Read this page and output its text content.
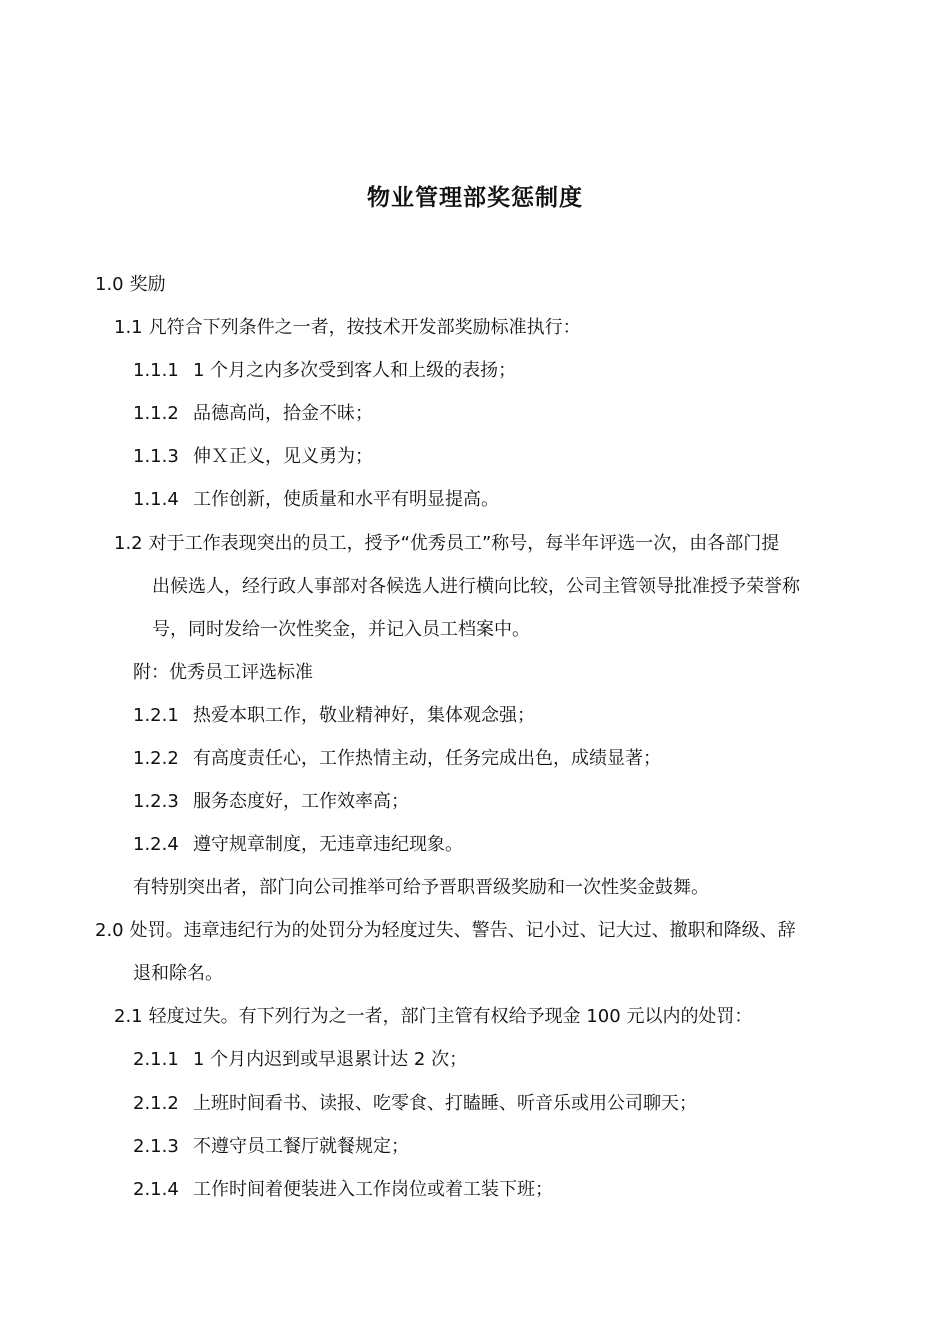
物业管理部奖惩制度
1.0 奖励
1.1 凡符合下列条件之一者，按技术开发部奖励标准执行：
1.1.1 1 个月之内多次受到客人和上级的表扬；
1.1.2 品德高尚，拾金不昧；
1.1.3 伸Ｘ正义，见义勇为；
1.1.4 工作创新，使质量和水平有明显提高。
1.2 对于工作表现突出的员工，授予“优秀员工”称号，每半年评选一次，由各部门提
出候选人，经行政人事部对各候选人进行横向比较，公司主管领导批准授予荣誉称
号，同时发给一次性奖金，并记入员工档案中。
附：优秀员工评选标准
1.2.1 热爱本职工作，敬业精神好，集体观念强；
1.2.2 有高度责任心，工作热情主动，任务完成出色，成绩显著；
1.2.3 服务态度好，工作效率高；
1.2.4 遵守规章制度，无违章违纪现象。
有特别突出者，部门向公司推举可给予晋职晋级奖励和一次性奖金鼓舞。
2.0 处罚。违章违纪行为的处罚分为轻度过失、警告、记小过、记大过、撤职和降级、辞
退和除名。
2.1 轻度过失。有下列行为之一者，部门主管有权给予现金 100 元以内的处罚：
2.1.1 1 个月内迟到或早退累计达 2 次；
2.1.2 上班时间看书、读报、吃零食、打瞌睡、听音乐或用公司聊天；
2.1.3 不遵守员工餐厅就餐规定；
2.1.4 工作时间着便装进入工作岗位或着工装下班；
